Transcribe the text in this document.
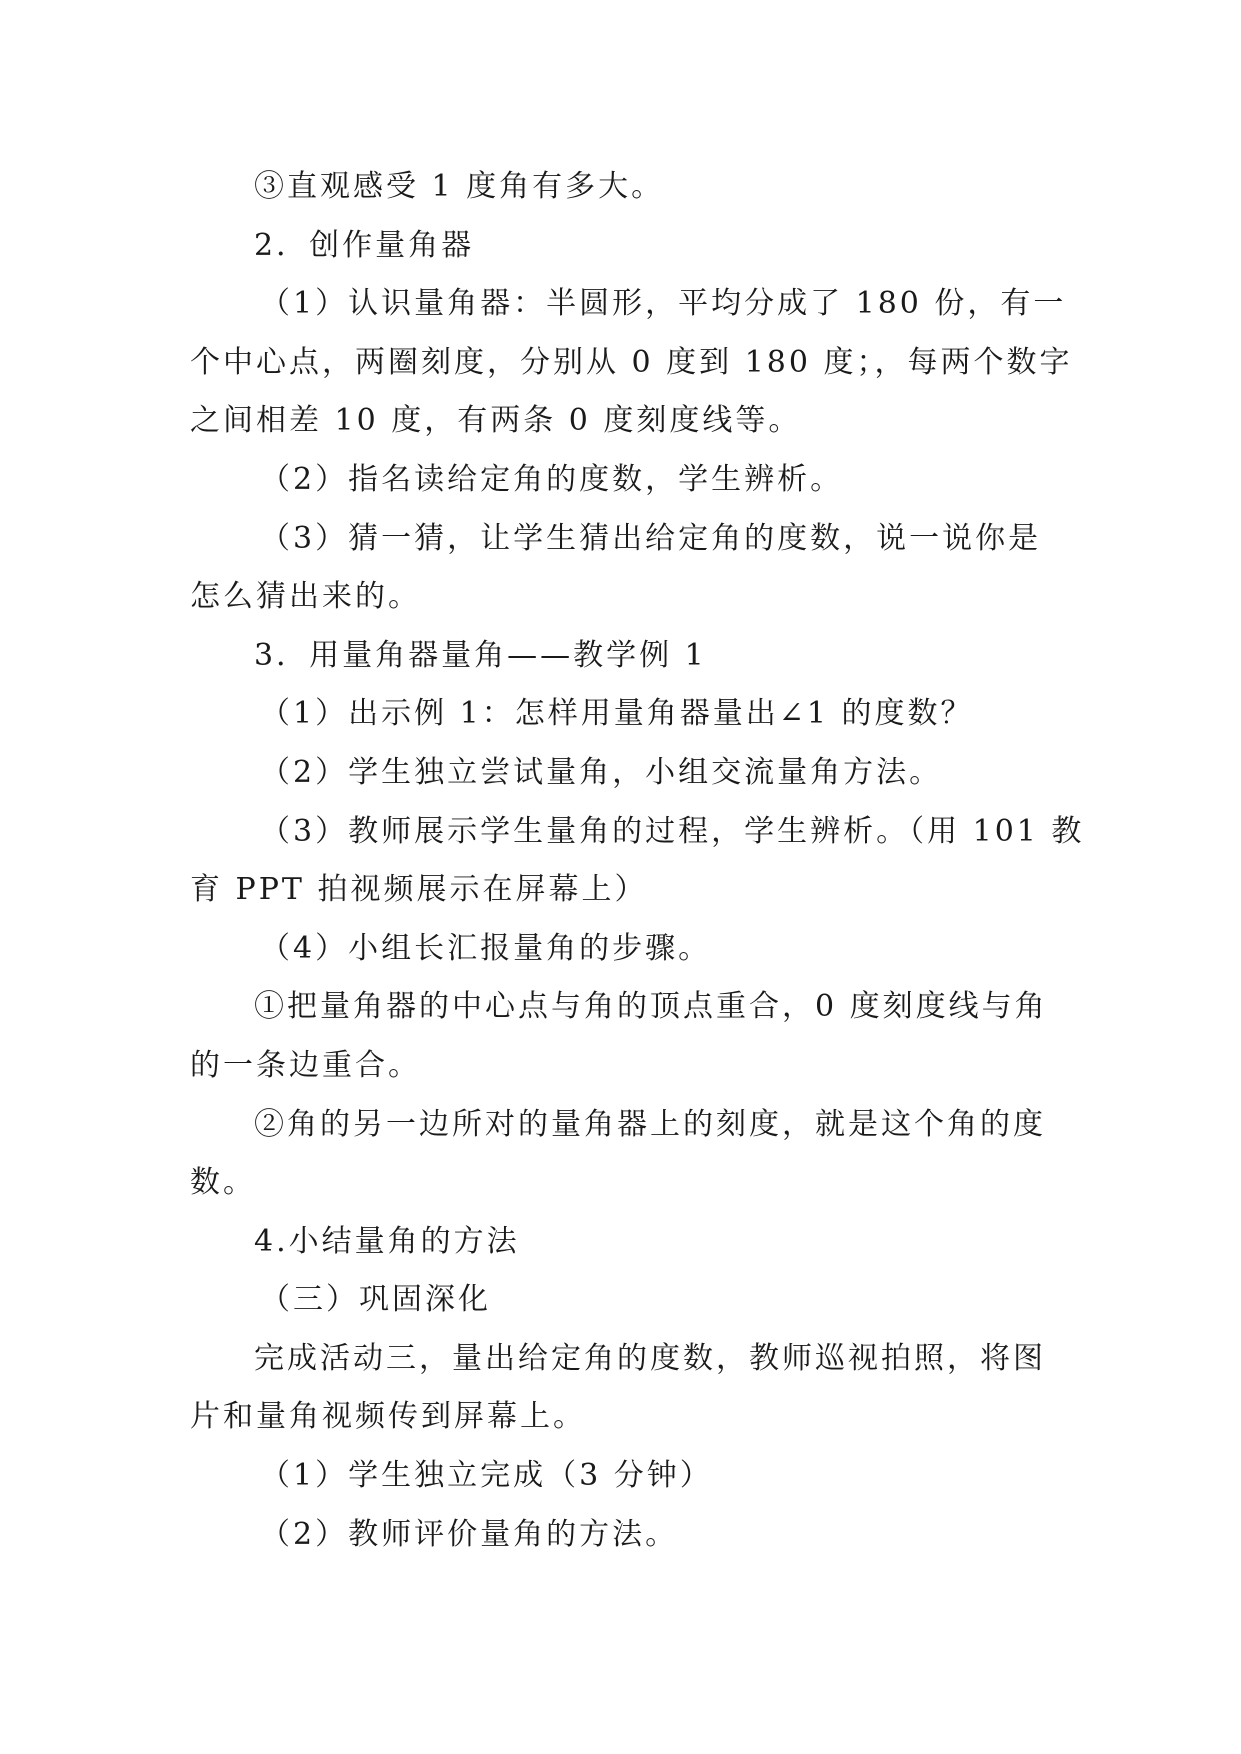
③直观感受 1 度角有多大。
2．创作量角器
（1）认识量角器：半圆形，平均分成了 180 份，有一
个中心点，两圈刻度，分别从 0 度到 180 度；，每两个数字
之间相差 10 度，有两条 0 度刻度线等。
（2）指名读给定角的度数，学生辨析。
（3）猜一猜，让学生猜出给定角的度数，说一说你是
怎么猜出来的。
3．用量角器量角——教学例 1
（1）出示例 1：怎样用量角器量出∠1 的度数？
（2）学生独立尝试量角，小组交流量角方法。
（3）教师展示学生量角的过程，学生辨析。（用 101 教
育 PPT 拍视频展示在屏幕上）
（4）小组长汇报量角的步骤。
①把量角器的中心点与角的顶点重合，0 度刻度线与角
的一条边重合。
②角的另一边所对的量角器上的刻度，就是这个角的度
数。
4.小结量角的方法
（三）巩固深化
完成活动三，量出给定角的度数，教师巡视拍照，将图
片和量角视频传到屏幕上。
（1）学生独立完成（3 分钟）
（2）教师评价量角的方法。
